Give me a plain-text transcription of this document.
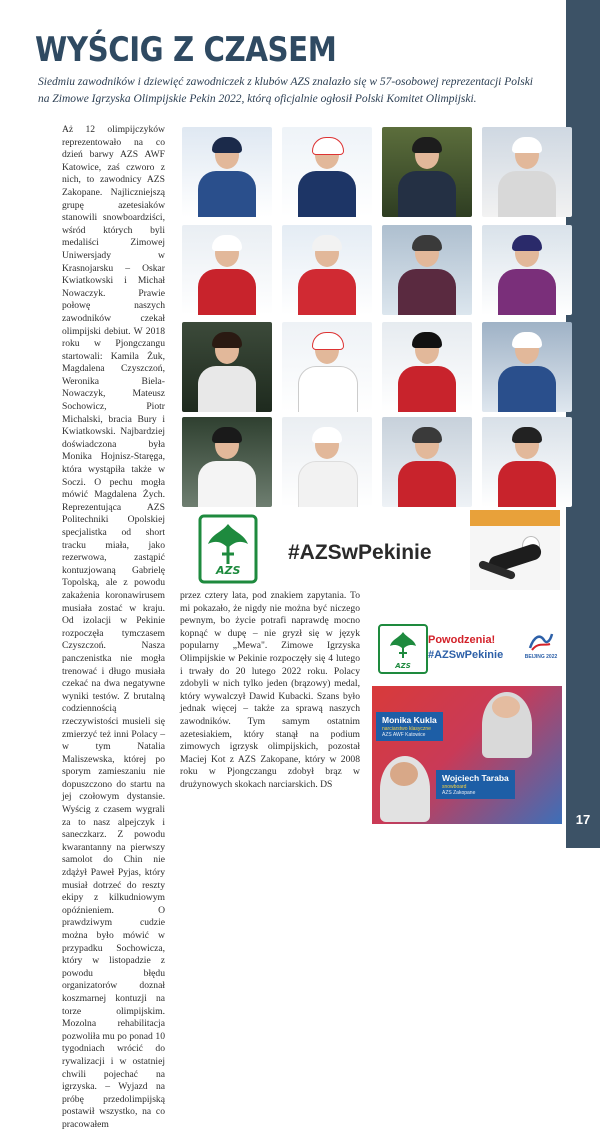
17
WYŚCIG Z CZASEM
Siedmiu zawodników i dziewięć zawodniczek z klubów AZS znalazło się w 57-osobowej reprezentacji Polski na Zimowe Igrzyska Olimpijskie Pekin 2022, którą oficjalnie ogłosił Polski Komitet Olimpijski.
Aż 12 olimpijczyków reprezentowało na co dzień barwy AZS AWF Katowice, zaś czworo z nich, to zawodnicy AZS Zakopane. Najliczniejszą grupę azetesiaków stanowili snowboardziści, wśród których byli medaliści Zimowej Uniwersjady w Krasnojarsku – Oskar Kwiatkowski i Michał Nowaczyk. Prawie połowę naszych zawodników czekał olimpijski debiut. W 2018 roku w Pjongczangu startowali: Kamila Żuk, Magdalena Czyszczoń, Weronika Biela-Nowaczyk, Mateusz Sochowicz, Piotr Michalski, bracia Bury i Kwiatkowski. Najbardziej doświadczona była Monika Hojnisz-Staręga, która wystąpiła także w Soczi. O pechu mogła mówić Magdalena Żych. Reprezentująca AZS Politechniki Opolskiej specjalistka od short tracku miała, jako rezerwowa, zastąpić kontuzjowaną Gabrielę Topolską, ale z powodu zakażenia koronawirusem musiała zostać w kraju. Od izolacji w Pekinie rozpoczęła tymczasem Czyszczoń. Nasza panczenistka nie mogła trenować i długo musiała czekać na dwa negatywne wyniki testów. Z brutalną codziennością rzeczywistości musieli się zmierzyć też inni Polacy – w tym Natalia Maliszewska, której po sporym zamieszaniu nie dopuszczono do startu na jej czołowym dystansie. Wyścig z czasem wygrali za to nasz alpejczyk i saneczkarz. Z powodu kwarantanny na pierwszy samolot do Chin nie zdążył Paweł Pyjas, który musiał dotrzeć do reszty ekipy z kilkudniowym opóźnieniem. O prawdziwym cudzie można było mówić w przypadku Sochowicza, który w listopadzie z powodu błędu organizatorów doznał koszmarnej kontuzji na torze olimpijskim. Mozolna rehabilitacja pozwoliła mu po ponad 10 tygodniach wrócić do rywalizacji i w ostatniej chwili pojechać na igrzyska. – Wyjazd na próbę przedolimpijską postawił wszystko, na co pracowałem
AZS
#AZSwPekinie
przez cztery lata, pod znakiem zapytania. To mi pokazało, że nigdy nie można być niczego pewnym, bo życie potrafi naprawdę mocno kopnąć w dupę – nie gryzł się w język popularny „Mewa". Zimowe Igrzyska Olimpijskie w Pekinie rozpoczęły się 4 lutego i trwały do 20 lutego 2022 roku. Polacy zdobyli w nich tylko jeden (brązowy) medal, który wywalczył Dawid Kubacki. Szans było jednak więcej – także za sprawą naszych zawodników. Tym samym ostatnim azetesiakiem, który stanął na podium zimowych igrzysk olimpijskich, pozostał Maciej Kot z AZS Zakopane, który w 2008 roku w Pjongczangu zdobył brąz w drużynowych skokach narciarskich. DS
AZS
Powodzenia!
#AZSwPekinie	BEIJING 2022
Monika Kukla
narciarstwo klasyczne
AZS AWF Katowice
Wojciech Taraba
snowboard
AZS Zakopane
